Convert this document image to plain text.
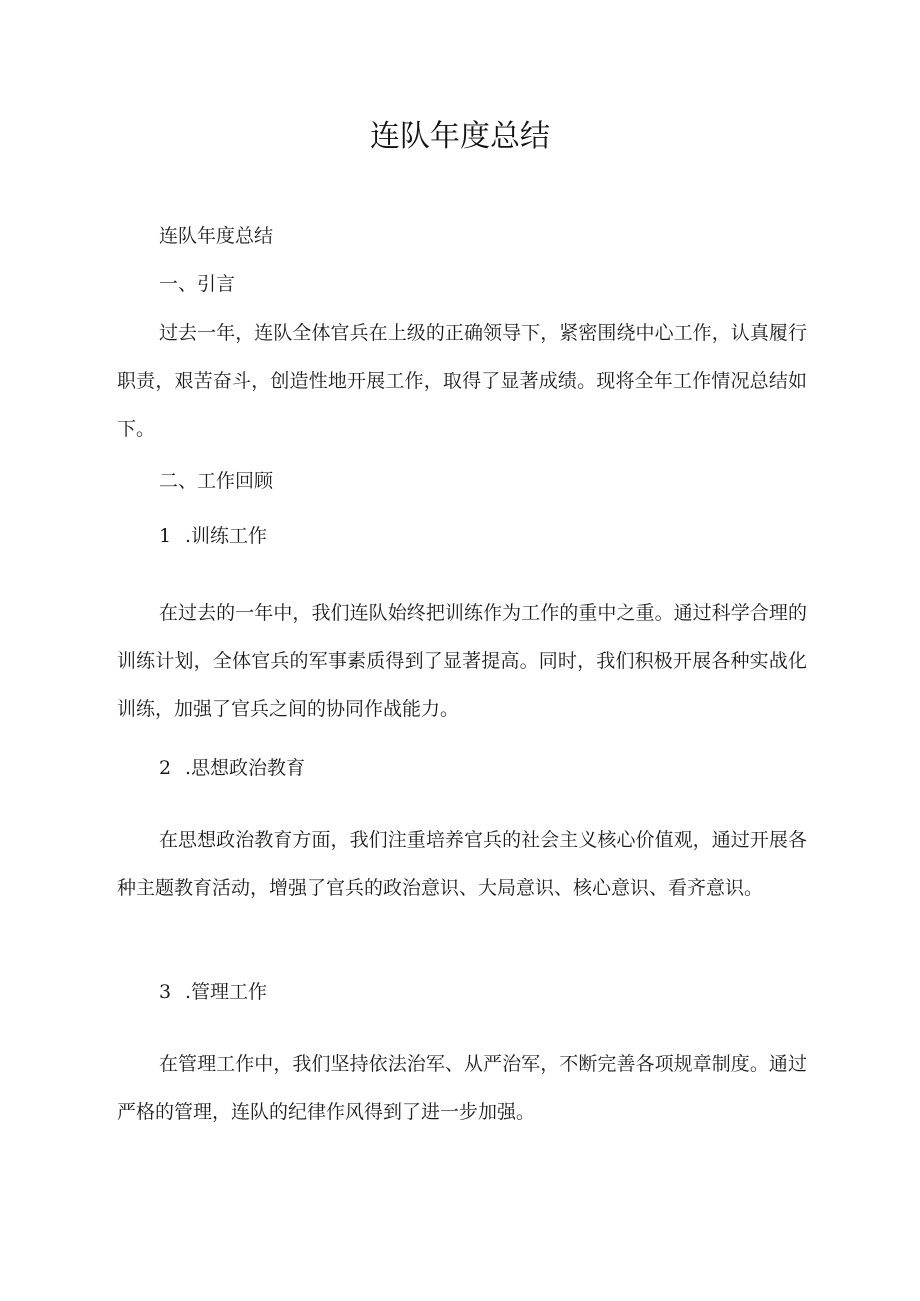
连队年度总结

连队年度总结

一、引言

过去一年，连队全体官兵在上级的正确领导下，紧密围绕中心工作，认真履行职责，艰苦奋斗，创造性地开展工作，取得了显著成绩。现将全年工作情况总结如下。

二、工作回顾

1 .训练工作

在过去的一年中，我们连队始终把训练作为工作的重中之重。通过科学合理的训练计划，全体官兵的军事素质得到了显著提高。同时，我们积极开展各种实战化训练，加强了官兵之间的协同作战能力。

2 .思想政治教育

在思想政治教育方面，我们注重培养官兵的社会主义核心价值观，通过开展各种主题教育活动，增强了官兵的政治意识、大局意识、核心意识、看齐意识。

3 .管理工作

在管理工作中，我们坚持依法治军、从严治军，不断完善各项规章制度。通过严格的管理，连队的纪律作风得到了进一步加强。
